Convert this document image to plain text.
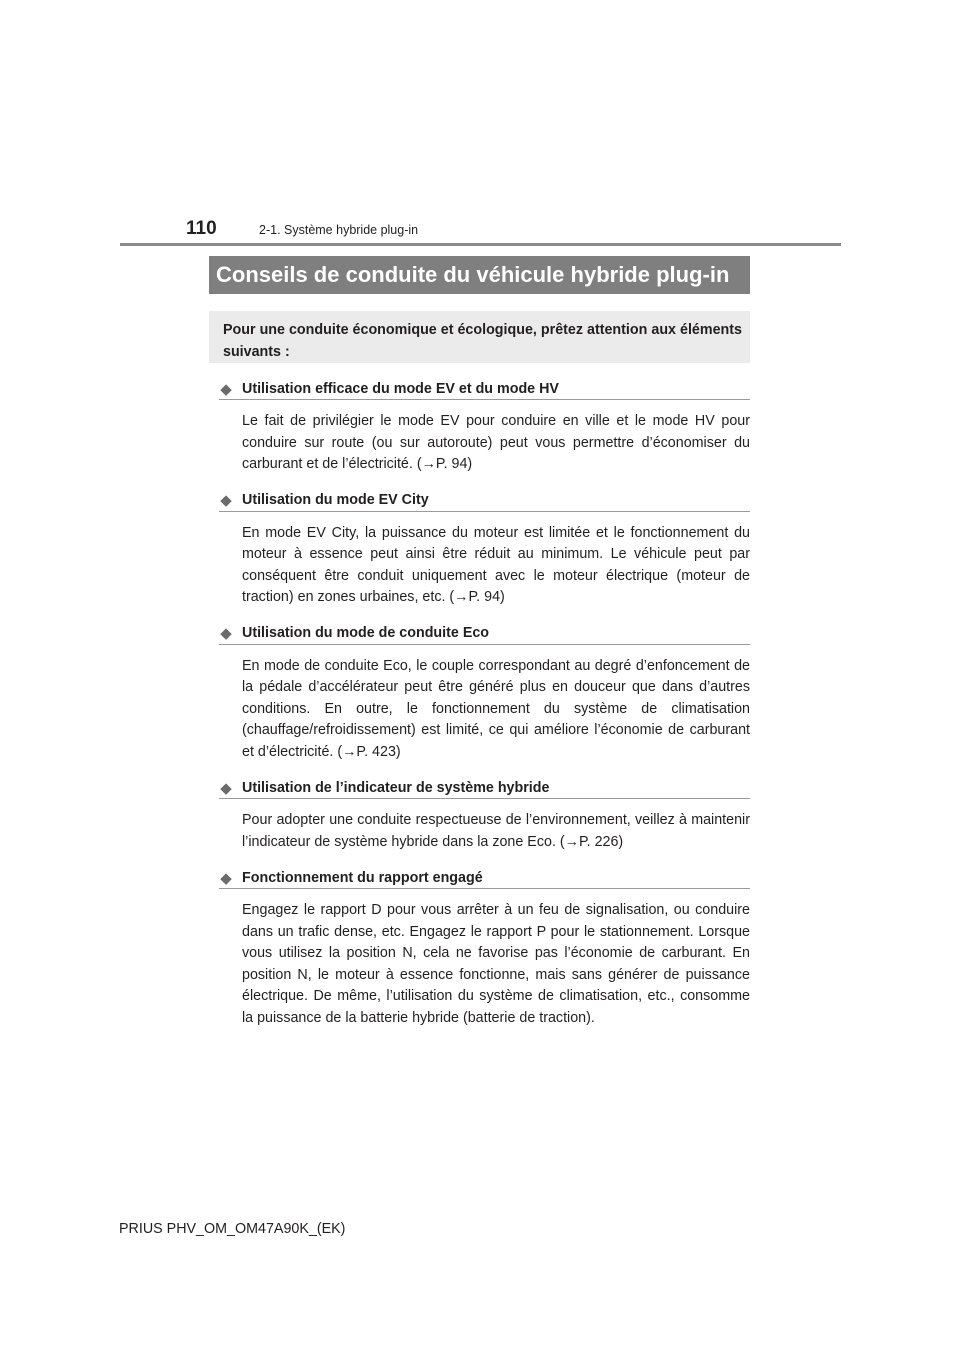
110	2-1. Système hybride plug-in
Conseils de conduite du véhicule hybride plug-in
Pour une conduite économique et écologique, prêtez attention aux éléments suivants :
◆ Utilisation efficace du mode EV et du mode HV
Le fait de privilégier le mode EV pour conduire en ville et le mode HV pour conduire sur route (ou sur autoroute) peut vous permettre d’économiser du carburant et de l’électricité. (→P. 94)
◆ Utilisation du mode EV City
En mode EV City, la puissance du moteur est limitée et le fonctionnement du moteur à essence peut ainsi être réduit au minimum. Le véhicule peut par conséquent être conduit uniquement avec le moteur électrique (moteur de traction) en zones urbaines, etc. (→P. 94)
◆ Utilisation du mode de conduite Eco
En mode de conduite Eco, le couple correspondant au degré d’enfoncement de la pédale d’accélérateur peut être généré plus en douceur que dans d’autres conditions. En outre, le fonctionnement du système de climatisation (chauffage/refroidissement) est limité, ce qui améliore l’économie de carburant et d’électricité. (→P. 423)
◆ Utilisation de l’indicateur de système hybride
Pour adopter une conduite respectueuse de l’environnement, veillez à maintenir l’indicateur de système hybride dans la zone Eco. (→P. 226)
◆ Fonctionnement du rapport engagé
Engagez le rapport D pour vous arrêter à un feu de signalisation, ou conduire dans un trafic dense, etc. Engagez le rapport P pour le stationnement. Lorsque vous utilisez la position N, cela ne favorise pas l’économie de carburant. En position N, le moteur à essence fonctionne, mais sans générer de puissance électrique. De même, l’utilisation du système de climatisation, etc., consomme la puissance de la batterie hybride (batterie de traction).
PRIUS PHV_OM_OM47A90K_(EK)
